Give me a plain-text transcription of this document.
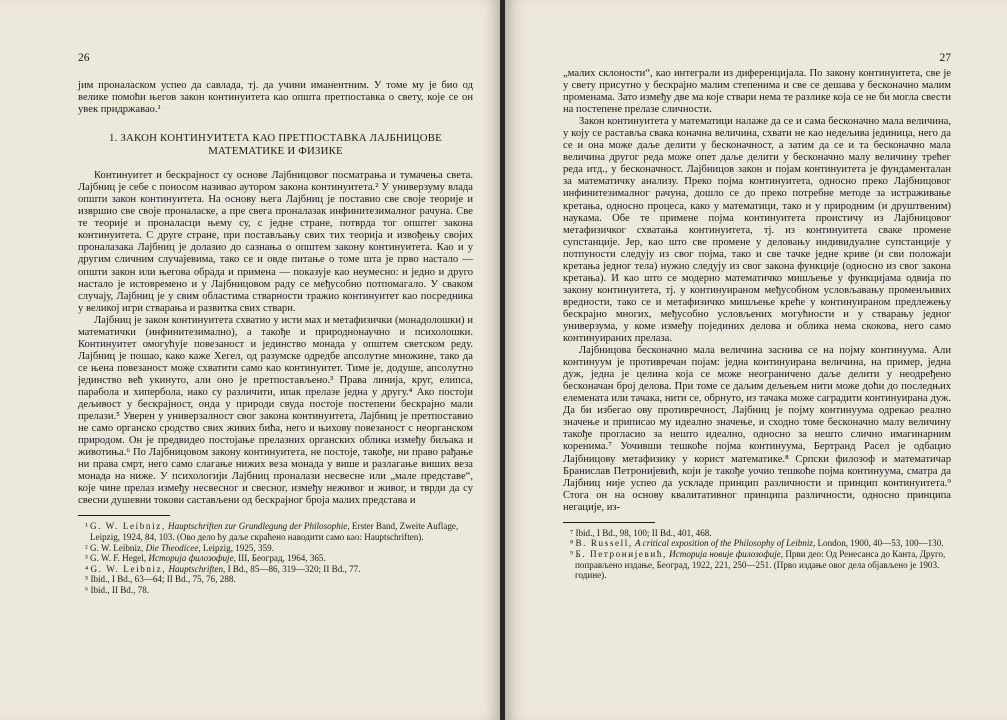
26

јим проналаском успео да савлада, тј. да учини иманентним. У томе му је био од велике помоћи његов закон континуитета као општа претпоставка о свету, које се он увек придржавао.¹

1. ЗАКОН КОНТИНУИТЕТА КАО ПРЕТПОСТАВКА ЛАЈБНИЦОВЕ МАТЕМАТИКЕ И ФИЗИКЕ

Континуитет и бескрајност су основе Лајбницовог посматрања и тумачења света. Лајбниц је себе с поносом називао аутором закона континуитета.² У универзуму влада општи закон континуитета. На основу њега Лајбниц је поставио све своје теорије и извршио све своје проналаске, а пре свега проналазак инфинитезималног рачуна. Све те теорије и проналасци њему су, с једне стране, потврда тог општег закона континуитета. С друге стране, при постављању свих тих теорија и извођењу својих проналазака Лајбниц је долазио до сазнања о општем закону континуитета. Као и у другим сличним случајевима, тако се и овде питање о томе шта је прво настало — општи закон или његова обрада и примена — показује као неумесно: и једно и друго настало је истовремено и у Лајбницовом раду се међусобно потпомагало. У сваком случају, Лајбниц је у свим областима стварности тражио континуитет као посредника у великој игри стварања и развитка свих ствари.

Лајбниц је закон континуитета схватио у исти мах и метафизички (монадолошки) и математички (инфинитезимално), а такође и природнонаучно и психолошки. Континуитет омогућује повезаност и јединство монада у општем светском реду. Лајбниц је пошао, како каже Хегел, од разумске одредбе апсолутне множине, тако да се њена повезаност може схватити само као континуитет. Тиме је, додуше, апсолутно јединство већ укинуто, али оно је претпостављено.³ Права линија, круг, елипса, парабола и хипербола, иако су различити, ипак прелазе једна у другу.⁴ Ако постоји дељивост у бескрајност, онда у природи свуда постоје постепени бескрајно мали прелази.⁵ Уверен у универзалност свог закона континуитета, Лајбниц је претпоставио не само органско сродство свих живих бића, него и њихову повезаност с неорганском природом. Он је предвидео постојање прелазних органских облика између биљака и животиња.⁶ По Лајбницовом закону континуитета, не постоје, такође, ни право рађање ни права смрт, него само слагање нижих веза монада у више и разлагање виших веза монада на ниже. У психологији Лајбниц проналази несвесне или „мале представе“, које чине прелаз између несвесног и свесног, између неживог и живог, и тврди да су свесни душевни токови састављени од бескрајног броја малих представа и

¹ G. W. Leibniz, Hauptschriften zur Grundlegung der Philosophie, Erster Band, Zweite Auflage, Leipzig, 1924, 84, 103. (Ово дело ћу даље скраћено наводити само као: Hauptschriften).
² G. W. Leibniz, Die Theodicee, Leipzig, 1925, 359.
³ G. W. F. Hegel, Историја филозофије, III, Београд, 1964, 365.
⁴ G. W. Leibniz, Hauptschriften, I Bd., 85—86, 319—320; II Bd., 77.
⁵ Ibid., I Bd., 63—64; II Bd., 75, 76, 288.
⁶ Ibid., II Bd., 78.
27

„малих склоности“, као интеграли из диференцијала. По закону континуитета, све је у свету присутно у бескрајно малим степенима и све се дешава у бесконачно малим променама. Зато између две ма које ствари нема те разлике која се не би могла свести на постепене прелазе сличности.

Закон континуитета у математици налаже да се и сама бесконачно мала величина, у коју се раставља свака коначна величина, схвати не као недељива јединица, него да се и она може даље делити у бесконачност, а затим да се и та бесконачно мала величина другог реда може опет даље делити у бесконачно малу величину трећег реда итд., у бесконачност. Лајбницов закон и појам континуитета је фундаменталан за математичку анализу. Преко појма континуитета, односно преко Лајбницовог инфинитезималног рачуна, дошло се до преко потребне методе за истраживање кретања, односно процеса, како у математици, тако и у природним (и друштвеним) наукама. Обе те примене појма континуитета проистичу из Лајбницовог метафизичког схватања континуитета, тј. из континуитета сваке промене супстанције. Јер, као што све промене у деловању индивидуалне супстанције у потпуности следују из свог појма, тако и све тачке једне криве (и сви положаји кретања једног тела) нужно следују из свог закона функције (односно из свог закона кретања). И као што се модерно математичко мишљење у функцијама одвија по закону континуитета, тј. у континуираном међусобном условљавању променљивих вредности, тако се и метафизичко мишљење креће у континуираном предлежењу бескрајно многих, међусобно условљених могућности и у стварању једног универзума, у коме између појединих делова и облика нема скокова, него само континуираних прелаза.

Лајбницова бесконачно мала величина заснива се на појму континуума. Али континуум је противречан појам: једна континуирана величина, на пример, једна дуж, једна је целина која се може неограничено даље делити у неодређено бесконачан број делова. При томе се даљим дељењем нити може доћи до последњих елемената или тачака, нити се, обрнуто, из тачака може саградити континуирана дуж. Да би избегао ову противречност, Лајбниц је појму континуума одрекао реално значење и приписао му идеално значење, и сходно томе бесконачно малу величину такође прогласио за нешто идеално, односно за нешто слично имагинарним коренима.⁷ Уочивши тешкоће појма континуума, Бертранд Расел је одбацио Лајбницову метафизику у корист математике.⁸ Српски филозоф и математичар Бранислав Петронијевић, који је такође уочио тешкоће појма континуума, сматра да Лајбниц није успео да ускладе принцип различности и принцип континуитета.⁹ Стога он на основу квалитативног принципа различности, односно принципа негације, из-

⁷ Ibid., I Bd., 98, 100; II Bd., 401, 468.
⁸ B. Russell, A critical exposition of the Philosophy of Leibniz, London, 1900, 40—53, 100—130.
⁹ Б. Петронијевић, Историја новије филозофије, Први део: Од Ренесанса до Канта, Друго, поправљено издање, Београд, 1922, 221, 250—251. (Прво издање овог дела објављено је 1903. године).
